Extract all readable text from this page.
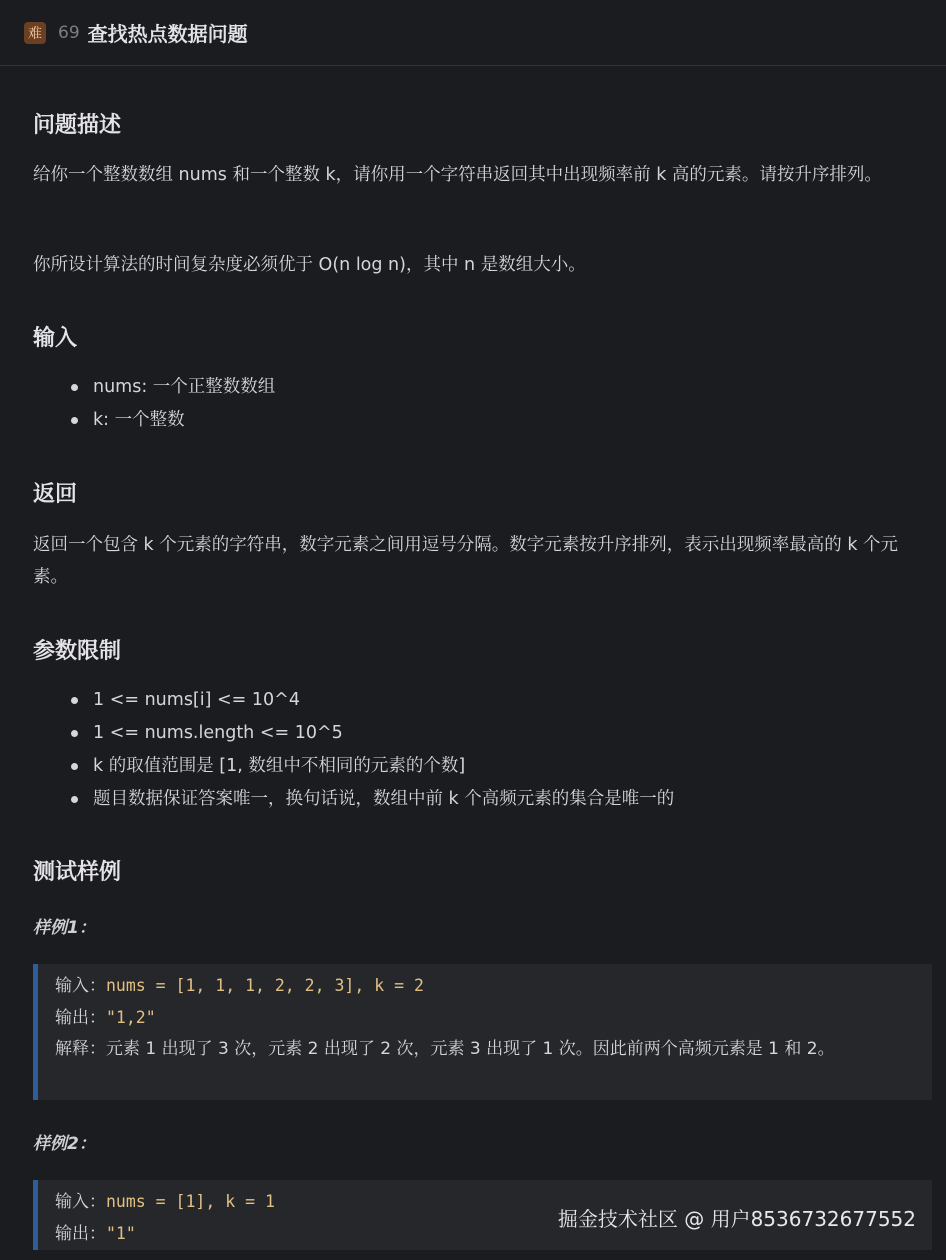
难 69 查找热点数据问题
问题描述
给你一个整数数组 nums 和一个整数 k，请你用一个字符串返回其中出现频率前 k 高的元素。请按升序排列。
你所设计算法的时间复杂度必须优于 O(n log n)，其中 n 是数组大小。
输入
nums: 一个正整数数组
k: 一个整数
返回
返回一个包含 k 个元素的字符串，数字元素之间用逗号分隔。数字元素按升序排列，表示出现频率最高的 k 个元素。
参数限制
1 <= nums[i] <= 10^4
1 <= nums.length <= 10^5
k 的取值范围是 [1, 数组中不相同的元素的个数]
题目数据保证答案唯一，换句话说，数组中前 k 个高频元素的集合是唯一的
测试样例
样例1：
输入：nums = [1, 1, 1, 2, 2, 3], k = 2
输出："1,2"
解释：元素 1 出现了 3 次，元素 2 出现了 2 次，元素 3 出现了 1 次。因此前两个高频元素是 1 和 2。
样例2：
输入：nums = [1], k = 1
输出："1"
掘金技术社区 @ 用户8536732677552
